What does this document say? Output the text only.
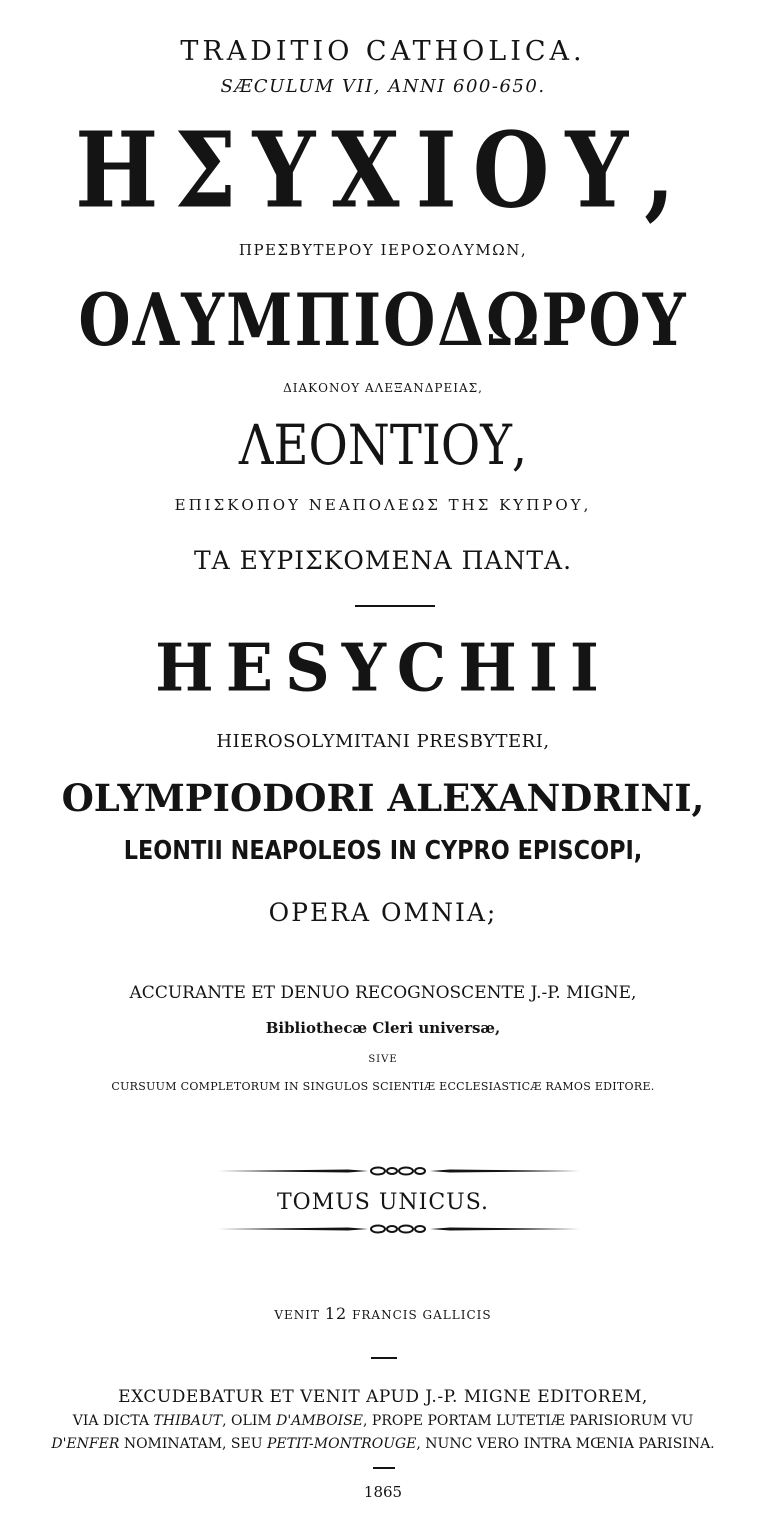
TRADITIO CATHOLICA.
SÆCULUM VII, ANNI 600-650.
ΗΣΥΧΙΟΥ,
ΠΡΕΣΒΥΤΕΡΟΥ ΙΕΡΟΣΟΛΥΜΩΝ,
ΟΛΥΜΠΙΟΔΩΡΟΥ
ΔΙΑΚΟΝΟΥ ΑΛΕΞΑΝΔΡΕΙΑΣ,
ΛΕΟΝΤΙΟΥ,
ΕΠΙΣΚΟΠΟΥ ΝΕΑΠΟΛΕΩΣ ΤΗΣ ΚΥΠΡΟΥ,
ΤΑ ΕΥΡΙΣΚΟΜΕΝΑ ΠΑΝΤΑ.
HESYCHII
HIEROSOLYMITANI PRESBYTERI,
OLYMPIODORI ALEXANDRINI,
LEONTII NEAPOLEOS IN CYPRO EPISCOPI,
OPERA OMNIA;
ACCURANTE ET DENUO RECOGNOSCENTE J.-P. MIGNE,
Bibliothecæ Cleri universæ,
SIVE
CURSUUM COMPLETORUM IN SINGULOS SCIENTIÆ ECCLESIASTICÆ RAMOS EDITORE.
TOMUS UNICUS.
VENIT 12 FRANCIS GALLICIS
EXCUDEBATUR ET VENIT APUD J.-P. MIGNE EDITOREM,
VIA DICTA THIBAUT, OLIM D'AMBOISE, PROPE PORTAM LUTETIÆ PARISIORUM VU
D'ENFER NOMINATAM, SEU PETIT-MONTROUGE, NUNC VERO INTRA MŒNIA PARISINA.
1865
